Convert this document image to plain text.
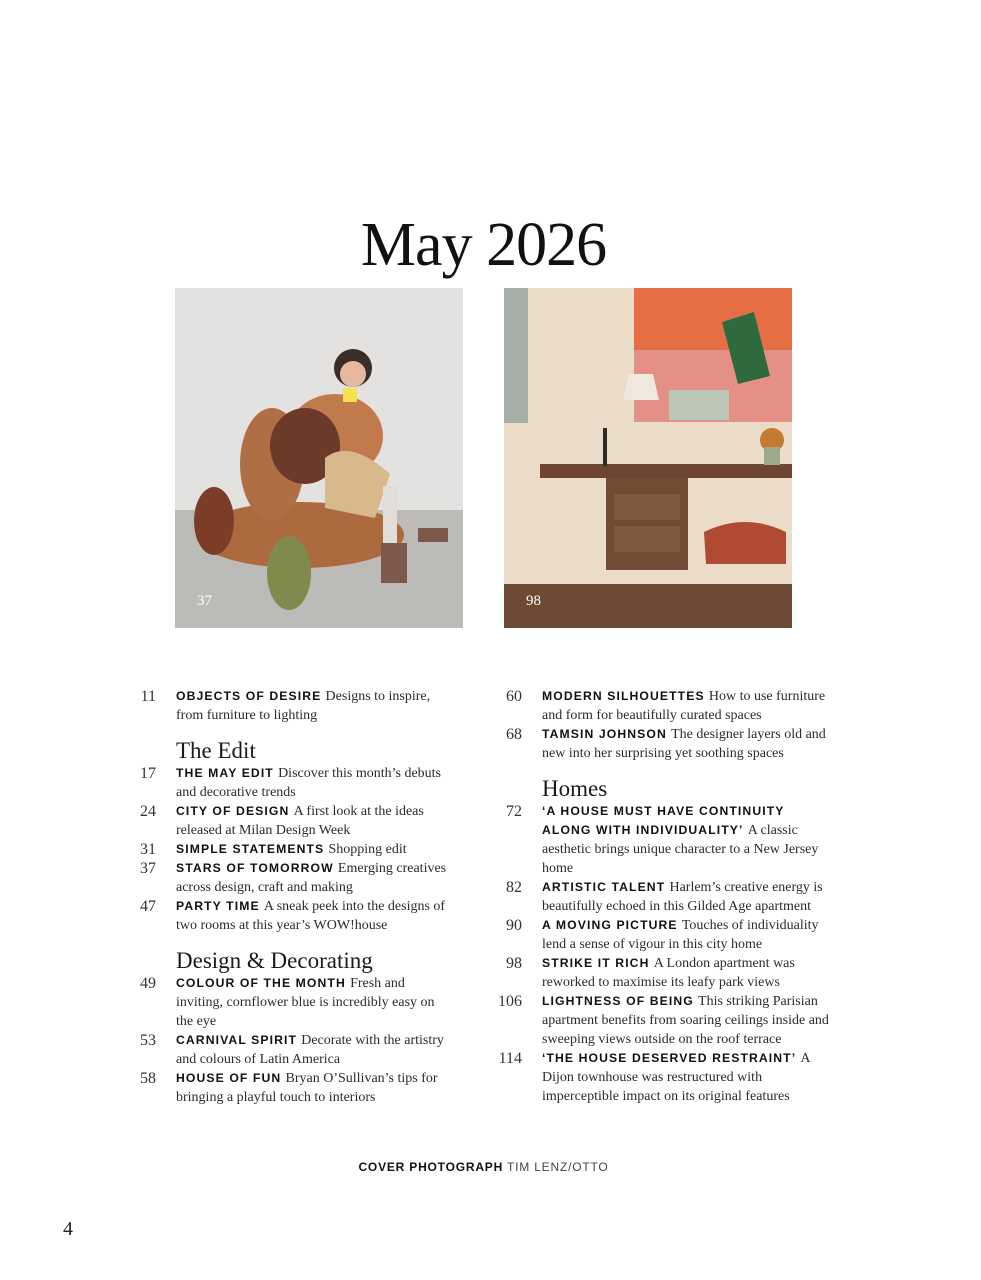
May 2026
37	98
11 OBJECTS OF DESIRE Designs to inspire, from furniture to lighting
The Edit
17 THE MAY EDIT Discover this month’s debuts and decorative trends
24 CITY OF DESIGN A first look at the ideas released at Milan Design Week
31 SIMPLE STATEMENTS Shopping edit
37 STARS OF TOMORROW Emerging creatives across design, craft and making
47 PARTY TIME A sneak peek into the designs of two rooms at this year’s WOW!house
Design & Decorating
49 COLOUR OF THE MONTH Fresh and inviting, cornflower blue is incredibly easy on the eye
53 CARNIVAL SPIRIT Decorate with the artistry and colours of Latin America
58 HOUSE OF FUN Bryan O’Sullivan’s tips for bringing a playful touch to interiors
60 MODERN SILHOUETTES How to use furniture and form for beautifully curated spaces
68 TAMSIN JOHNSON The designer layers old and new into her surprising yet soothing spaces
Homes
72 ‘A HOUSE MUST HAVE CONTINUITY ALONG WITH INDIVIDUALITY’ A classic aesthetic brings unique character to a New Jersey home
82 ARTISTIC TALENT Harlem’s creative energy is beautifully echoed in this Gilded Age apartment
90 A MOVING PICTURE Touches of individuality lend a sense of vigour in this city home
98 STRIKE IT RICH A London apartment was reworked to maximise its leafy park views
106 LIGHTNESS OF BEING This striking Parisian apartment benefits from soaring ceilings inside and sweeping views outside on the roof terrace
114 ‘THE HOUSE DESERVED RESTRAINT’ A Dijon townhouse was restructured with imperceptible impact on its original features
COVER PHOTOGRAPH TIM LENZ/OTTO
4
